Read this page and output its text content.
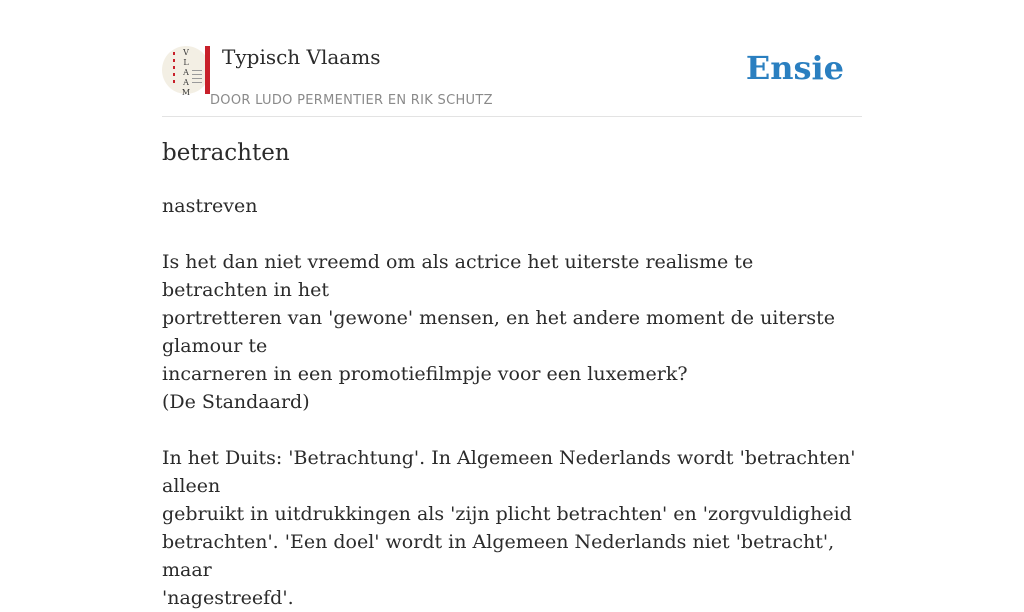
V
L
A
A
M
Typisch Vlaams
DOOR LUDO PERMENTIER EN RIK SCHUTZ
Ensie
betrachten

nastreven

Is het dan niet vreemd om als actrice het uiterste realisme te betrachten in het
portretteren van 'gewone' mensen, en het andere moment de uiterste glamour te
incarneren in een promotiefilmpje voor een luxemerk?
(De Standaard)
In het Duits: 'Betrachtung'. In Algemeen Nederlands wordt 'betrachten' alleen
gebruikt in uitdrukkingen als 'zijn plicht betrachten' en 'zorgvuldigheid
betrachten'. 'Een doel' wordt in Algemeen Nederlands niet 'betracht', maar
'nagestreefd'.
